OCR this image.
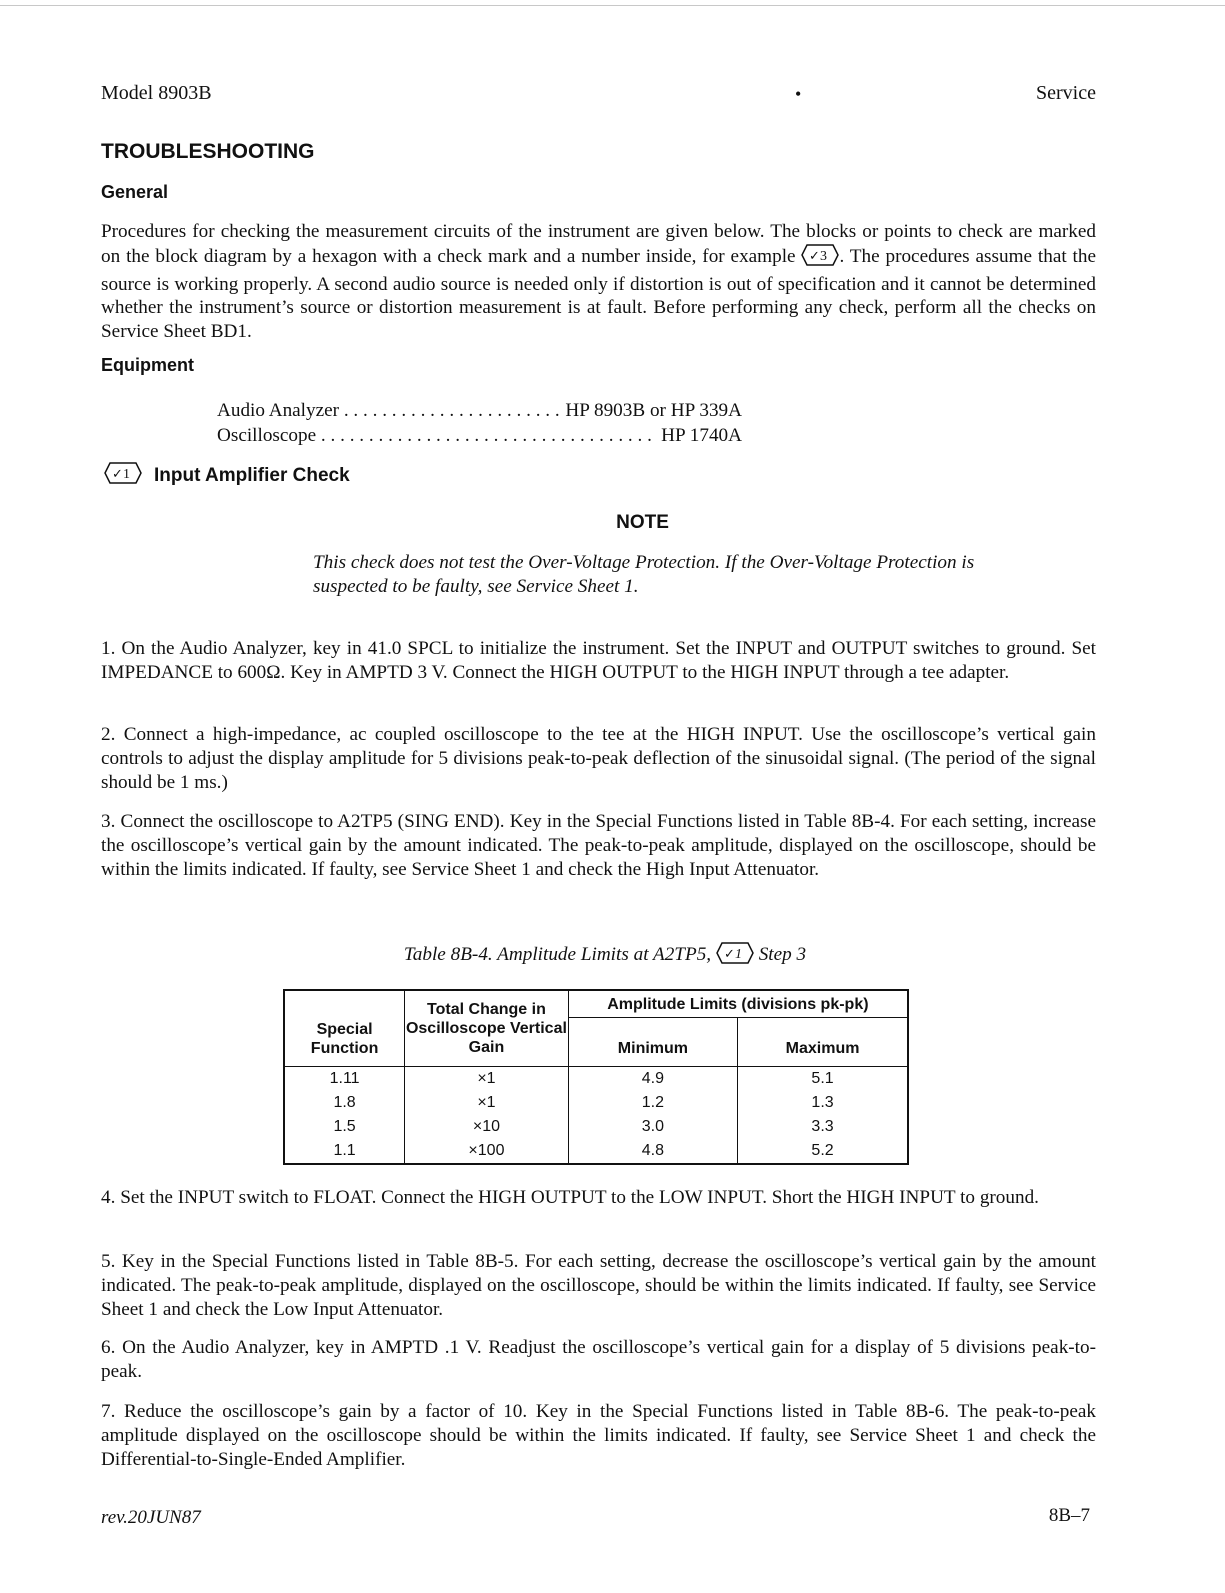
Model 8903B	•	Service
TROUBLESHOOTING
General

Procedures for checking the measurement circuits of the instrument are given below. The blocks or points to check are marked on the block diagram by a hexagon with a check mark and a number inside, for example ✓ 3 . The procedures assume that the source is working properly. A second audio source is needed only if distortion is out of specification and it cannot be determined whether the instrument’s source or distortion measurement is at fault. Before performing any check, perform all the checks on Service Sheet BD1.

Equipment
Audio Analyzer . . .	HP 8903B or HP 339A
Oscilloscope . . .	HP 1740A
✓ 1 Input Amplifier Check
NOTE
This check does not test the Over-Voltage Protection. If the Over-Voltage Protection is suspected to be faulty, see Service Sheet 1.

1. On the Audio Analyzer, key in 41.0 SPCL to initialize the instrument. Set the INPUT and OUTPUT switches to ground. Set IMPEDANCE to 600Ω. Key in AMPTD 3 V. Connect the HIGH OUTPUT to the HIGH INPUT through a tee adapter.

2. Connect a high-impedance, ac coupled oscilloscope to the tee at the HIGH INPUT. Use the oscilloscope’s vertical gain controls to adjust the display amplitude for 5 divisions peak-to-peak deflection of the sinusoidal signal. (The period of the signal should be 1 ms.)

3. Connect the oscilloscope to A2TP5 (SING END). Key in the Special Functions listed in Table 8B-4. For each setting, increase the oscilloscope’s vertical gain by the amount indicated. The peak-to-peak amplitude, displayed on the oscilloscope, should be within the limits indicated. If faulty, see Service Sheet 1 and check the High Input Attenuator.

Table 8B-4. Amplitude Limits at A2TP5, ✓ 1 Step 3
Special Function	Total Change in Oscilloscope Vertical Gain	Amplitude Limits (divisions pk-pk)	
		Minimum	Maximum
1.11	×1	4.9	5.1
1.8	×1	1.2	1.3
1.5	×10	3.0	3.3
1.1	×100	4.8	5.2

4. Set the INPUT switch to FLOAT. Connect the HIGH OUTPUT to the LOW INPUT. Short the HIGH INPUT to ground.

5. Key in the Special Functions listed in Table 8B-5. For each setting, decrease the oscilloscope’s vertical gain by the amount indicated. The peak-to-peak amplitude, displayed on the oscilloscope, should be within the limits indicated. If faulty, see Service Sheet 1 and check the Low Input Attenuator.

6. On the Audio Analyzer, key in AMPTD .1 V. Readjust the oscilloscope’s vertical gain for a display of 5 divisions peak-to-peak.

7. Reduce the oscilloscope’s gain by a factor of 10. Key in the Special Functions listed in Table 8B-6. The peak-to-peak amplitude displayed on the oscilloscope should be within the limits indicated. If faulty, see Service Sheet 1 and check the Differential-to-Single-Ended Amplifier.

rev.20JUN87	8B–7
